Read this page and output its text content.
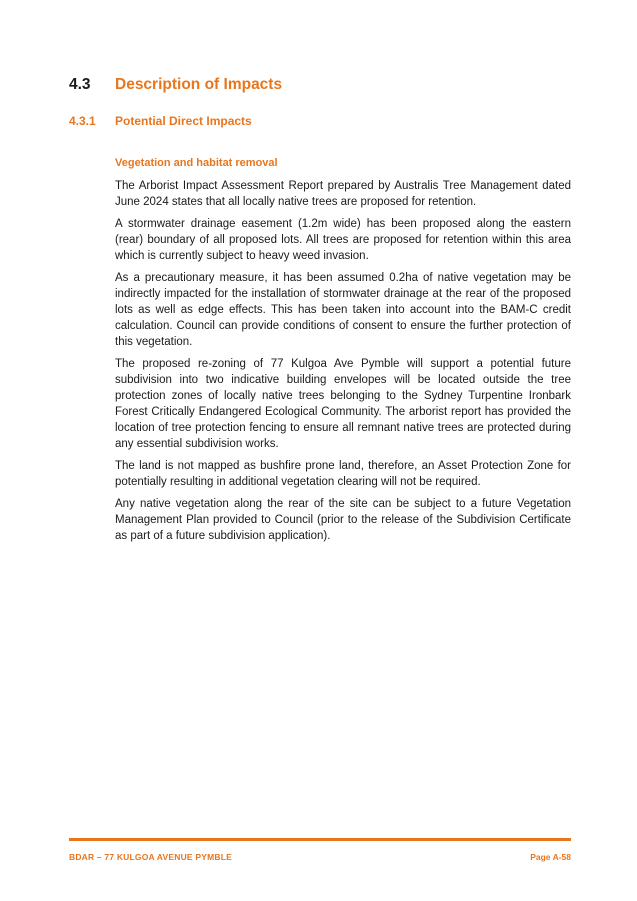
4.3 Description of Impacts
4.3.1 Potential Direct Impacts
Vegetation and habitat removal

The Arborist Impact Assessment Report prepared by Australis Tree Management dated June 2024 states that all locally native trees are proposed for retention.

A stormwater drainage easement (1.2m wide) has been proposed along the eastern (rear) boundary of all proposed lots. All trees are proposed for retention within this area which is currently subject to heavy weed invasion.

As a precautionary measure, it has been assumed 0.2ha of native vegetation may be indirectly impacted for the installation of stormwater drainage at the rear of the proposed lots as well as edge effects. This has been taken into account into the BAM-C credit calculation. Council can provide conditions of consent to ensure the further protection of this vegetation.

The proposed re-zoning of 77 Kulgoa Ave Pymble will support a potential future subdivision into two indicative building envelopes will be located outside the tree protection zones of locally native trees belonging to the Sydney Turpentine Ironbark Forest Critically Endangered Ecological Community. The arborist report has provided the location of tree protection fencing to ensure all remnant native trees are protected during any essential subdivision works.

The land is not mapped as bushfire prone land, therefore, an Asset Protection Zone for potentially resulting in additional vegetation clearing will not be required.

Any native vegetation along the rear of the site can be subject to a future Vegetation Management Plan provided to Council (prior to the release of the Subdivision Certificate as part of a future subdivision application).

BDAR – 77 KULGOA AVENUE PYMBLE	Page A-58
